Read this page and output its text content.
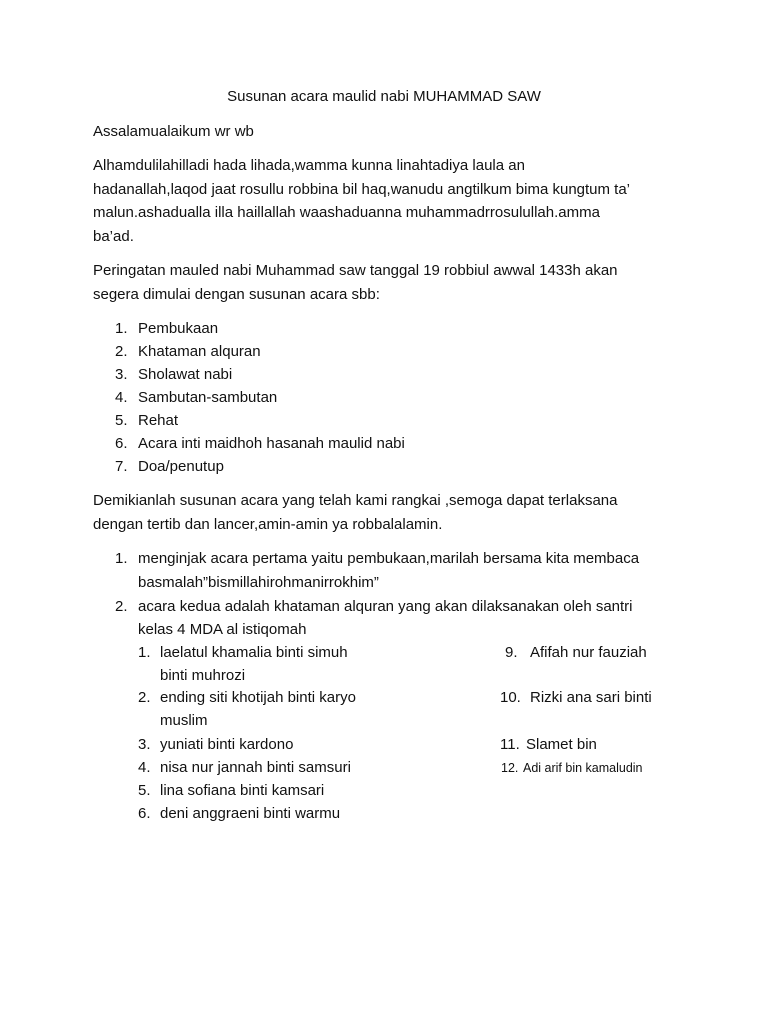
Susunan acara maulid nabi MUHAMMAD SAW
Assalamualaikum wr wb
Alhamdulilahilladi hada lihada,wamma kunna linahtadiya laula an
hadanallah,laqod jaat rosullu robbina bil haq,wanudu angtilkum bima kungtum ta’
malun.ashadualla illa haillallah waashaduanna muhammadrrosulullah.amma
ba’ad.
Peringatan mauled nabi Muhammad saw tanggal 19 robbiul awwal 1433h akan
segera dimulai dengan susunan acara sbb:
1. Pembukaan
2. Khataman alquran
3. Sholawat nabi
4. Sambutan-sambutan
5. Rehat
6. Acara inti maidhoh hasanah maulid nabi
7. Doa/penutup
Demikianlah susunan acara yang telah kami rangkai ,semoga dapat terlaksana
dengan tertib dan lancer,amin-amin ya robbalalamin.
1. menginjak acara pertama yaitu pembukaan,marilah bersama kita membaca
basmalah”bismillahirohmanirrokhim”
2. acara kedua adalah khataman alquran yang akan dilaksanakan oleh santri
kelas 4 MDA al istiqomah
1. laelatul khamalia binti simuh
binti muhrozi
2. ending siti khotijah binti karyo
muslim
3. yuniati binti kardono
4. nisa nur jannah binti samsuri
5. lina sofiana binti kamsari
6. deni anggraeni binti warmu
9. Afifah nur fauziah
10. Rizki ana sari binti
11. Slamet bin
12. Adi arif bin kamaludin
